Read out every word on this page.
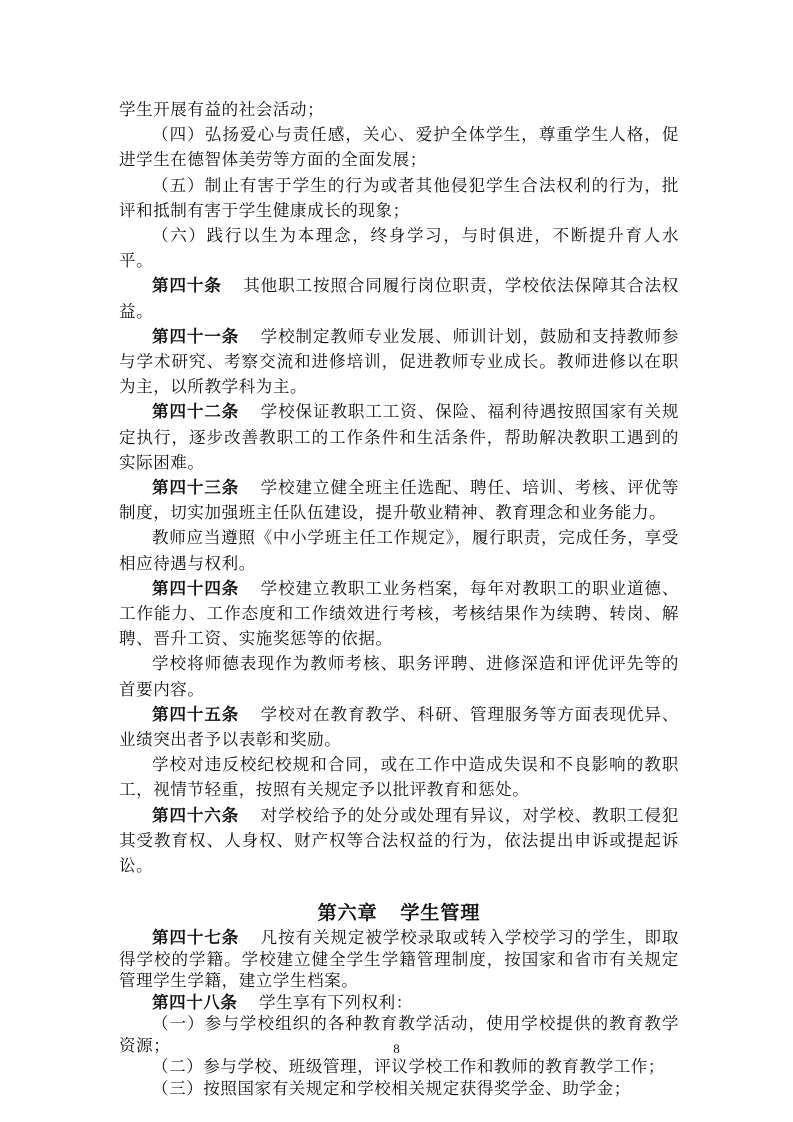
学生开展有益的社会活动；

（四）弘扬爱心与责任感，关心、爱护全体学生，尊重学生人格，促进学生在德智体美劳等方面的全面发展；

（五）制止有害于学生的行为或者其他侵犯学生合法权利的行为，批评和抵制有害于学生健康成长的现象；

（六）践行以生为本理念，终身学习，与时俱进，不断提升育人水平。

第四十条 其他职工按照合同履行岗位职责，学校依法保障其合法权益。

第四十一条 学校制定教师专业发展、师训计划，鼓励和支持教师参与学术研究、考察交流和进修培训，促进教师专业成长。教师进修以在职为主，以所教学科为主。

第四十二条 学校保证教职工工资、保险、福利待遇按照国家有关规定执行，逐步改善教职工的工作条件和生活条件，帮助解决教职工遇到的实际困难。

第四十三条 学校建立健全班主任选配、聘任、培训、考核、评优等制度，切实加强班主任队伍建设，提升敬业精神、教育理念和业务能力。

教师应当遵照《中小学班主任工作规定》，履行职责，完成任务，享受相应待遇与权利。

第四十四条 学校建立教职工业务档案，每年对教职工的职业道德、工作能力、工作态度和工作绩效进行考核，考核结果作为续聘、转岗、解聘、晋升工资、实施奖惩等的依据。

学校将师德表现作为教师考核、职务评聘、进修深造和评优评先等的首要内容。

第四十五条 学校对在教育教学、科研、管理服务等方面表现优异、业绩突出者予以表彰和奖励。

学校对违反校纪校规和合同，或在工作中造成失误和不良影响的教职工，视情节轻重，按照有关规定予以批评教育和惩处。

第四十六条 对学校给予的处分或处理有异议，对学校、教职工侵犯其受教育权、人身权、财产权等合法权益的行为，依法提出申诉或提起诉讼。

第六章 学生管理

第四十七条 凡按有关规定被学校录取或转入学校学习的学生，即取得学校的学籍。学校建立健全学生学籍管理制度，按国家和省市有关规定管理学生学籍，建立学生档案。

第四十八条 学生享有下列权利：

（一）参与学校组织的各种教育教学活动，使用学校提供的教育教学资源；

（二）参与学校、班级管理，评议学校工作和教师的教育教学工作；

（三）按照国家有关规定和学校相关规定获得奖学金、助学金；

8
